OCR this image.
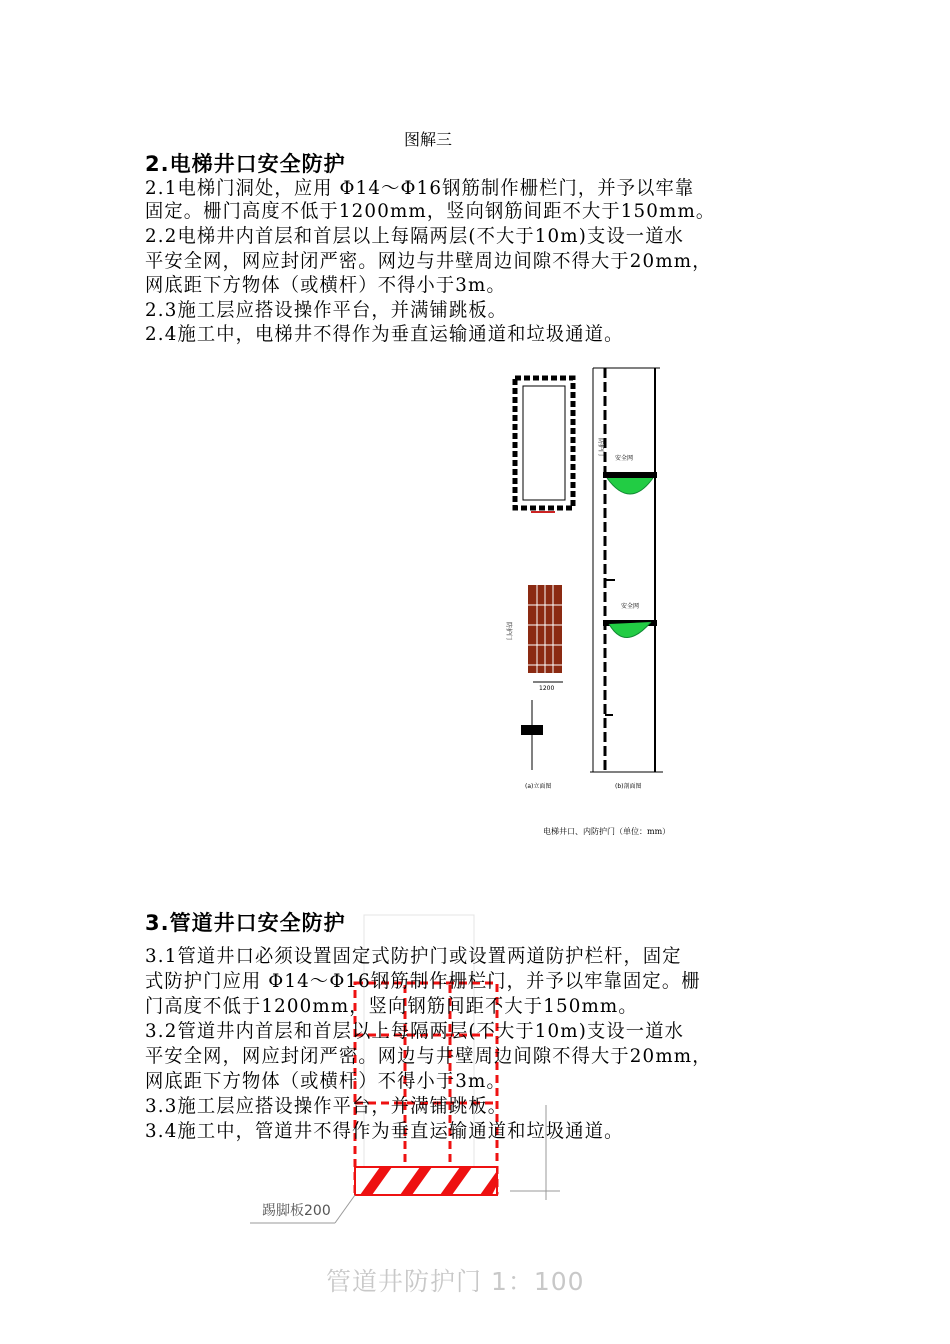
图解三
2.电梯井口安全防护
2.1电梯门洞处，应用 Φ14～Φ16钢筋制作栅栏门，并予以牢靠
固定。栅门高度不低于1200mm，竖向钢筋间距不大于150mm。
2.2电梯井内首层和首层以上每隔两层(不大于10m)支设一道水
平安全网，网应封闭严密。网边与井壁周边间隙不得大于20mm，
网底距下方物体（或横杆）不得小于3m。
2.3施工层应搭设操作平台，并满铺跳板。
2.4施工中，电梯井不得作为垂直运输通道和垃圾通道。
安全网
安全网
防护门
防护门
1200
(a)立面图	(b)剖面图
电梯井口、内防护门（单位：mm）
踢脚板200
3.管道井口安全防护
3.1管道井口必须设置固定式防护门或设置两道防护栏杆，固定
式防护门应用 Φ14～Φ16钢筋制作栅栏门，并予以牢靠固定。栅
门高度不低于1200mm，竖向钢筋间距不大于150mm。
3.2管道井内首层和首层以上每隔两层(不大于10m)支设一道水
平安全网，网应封闭严密。网边与井壁周边间隙不得大于20mm，
网底距下方物体（或横杆）不得小于3m。
3.3施工层应搭设操作平台，并满铺跳板。
3.4施工中，管道井不得作为垂直运输通道和垃圾通道。
管道井防护门 1：100
